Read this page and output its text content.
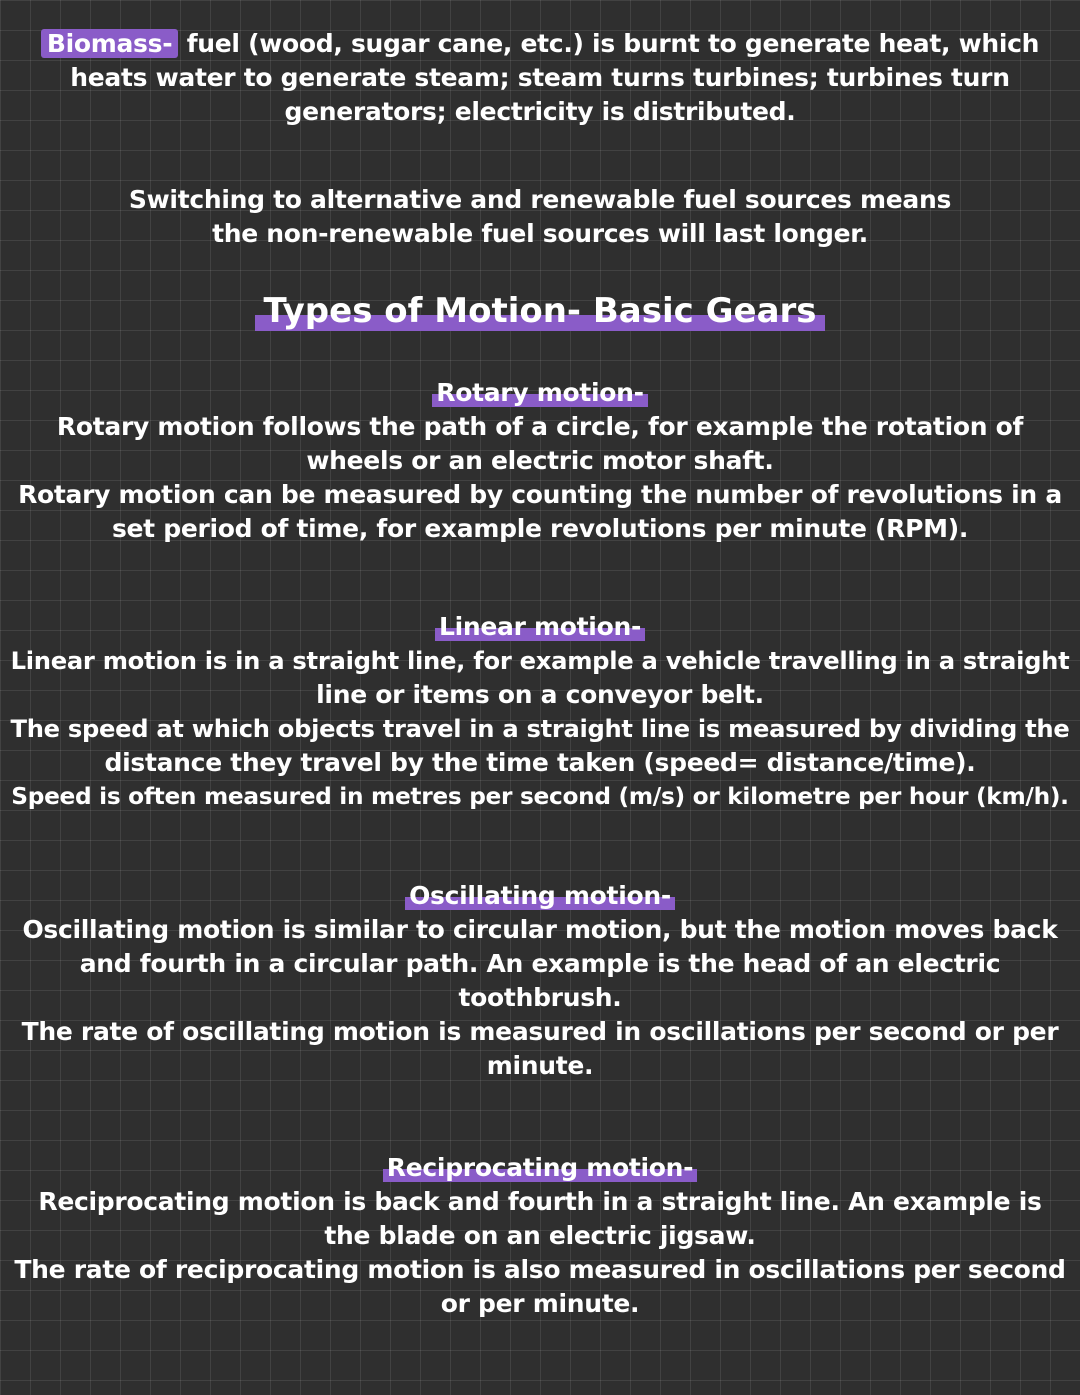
Biomass- fuel (wood, sugar cane, etc.) is burnt to generate heat, which
heats water to generate steam; steam turns turbines; turbines turn
generators; electricity is distributed.
Switching to alternative and renewable fuel sources means
the non-renewable fuel sources will last longer.
Types of Motion- Basic Gears
Rotary motion-
Rotary motion follows the path of a circle, for example the rotation of
wheels or an electric motor shaft.
Rotary motion can be measured by counting the number of revolutions in a
set period of time, for example revolutions per minute (RPM).
Linear motion-
Linear motion is in a straight line, for example a vehicle travelling in a straight
line or items on a conveyor belt.
The speed at which objects travel in a straight line is measured by dividing the
distance they travel by the time taken (speed= distance/time).
Speed is often measured in metres per second (m/s) or kilometre per hour (km/h).
Oscillating motion-
Oscillating motion is similar to circular motion, but the motion moves back
and fourth in a circular path. An example is the head of an electric
toothbrush.
The rate of oscillating motion is measured in oscillations per second or per
minute.
Reciprocating motion-
Reciprocating motion is back and fourth in a straight line. An example is
the blade on an electric jigsaw.
The rate of reciprocating motion is also measured in oscillations per second
or per minute.
